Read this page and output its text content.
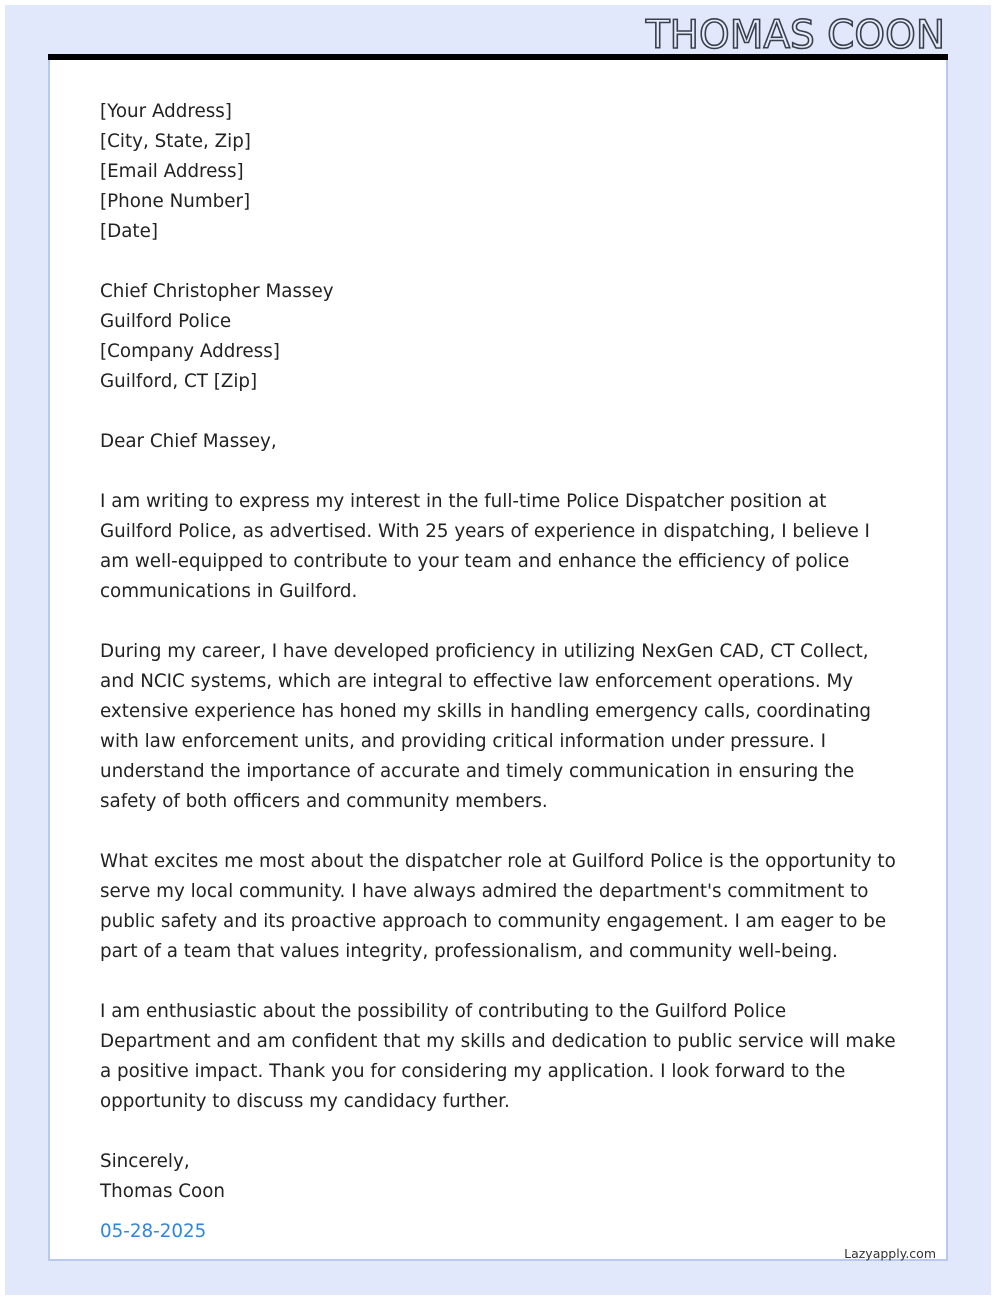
THOMAS COON

[Your Address]

[City, State, Zip]

[Email Address]

[Phone Number]

[Date]

Chief Christopher Massey

Guilford Police

[Company Address]

Guilford, CT [Zip]

Dear Chief Massey,

I am writing to express my interest in the full-time Police Dispatcher position at Guilford Police, as advertised. With 25 years of experience in dispatching, I believe I am well-equipped to contribute to your team and enhance the efficiency of police communications in Guilford.

During my career, I have developed proficiency in utilizing NexGen CAD, CT Collect, and NCIC systems, which are integral to effective law enforcement operations. My extensive experience has honed my skills in handling emergency calls, coordinating with law enforcement units, and providing critical information under pressure. I understand the importance of accurate and timely communication in ensuring the safety of both officers and community members.

What excites me most about the dispatcher role at Guilford Police is the opportunity to serve my local community. I have always admired the department's commitment to public safety and its proactive approach to community engagement. I am eager to be part of a team that values integrity, professionalism, and community well-being.

I am enthusiastic about the possibility of contributing to the Guilford Police Department and am confident that my skills and dedication to public service will make a positive impact. Thank you for considering my application. I look forward to the opportunity to discuss my candidacy further.

Sincerely,

Thomas Coon

05-28-2025
Lazyapply.com
